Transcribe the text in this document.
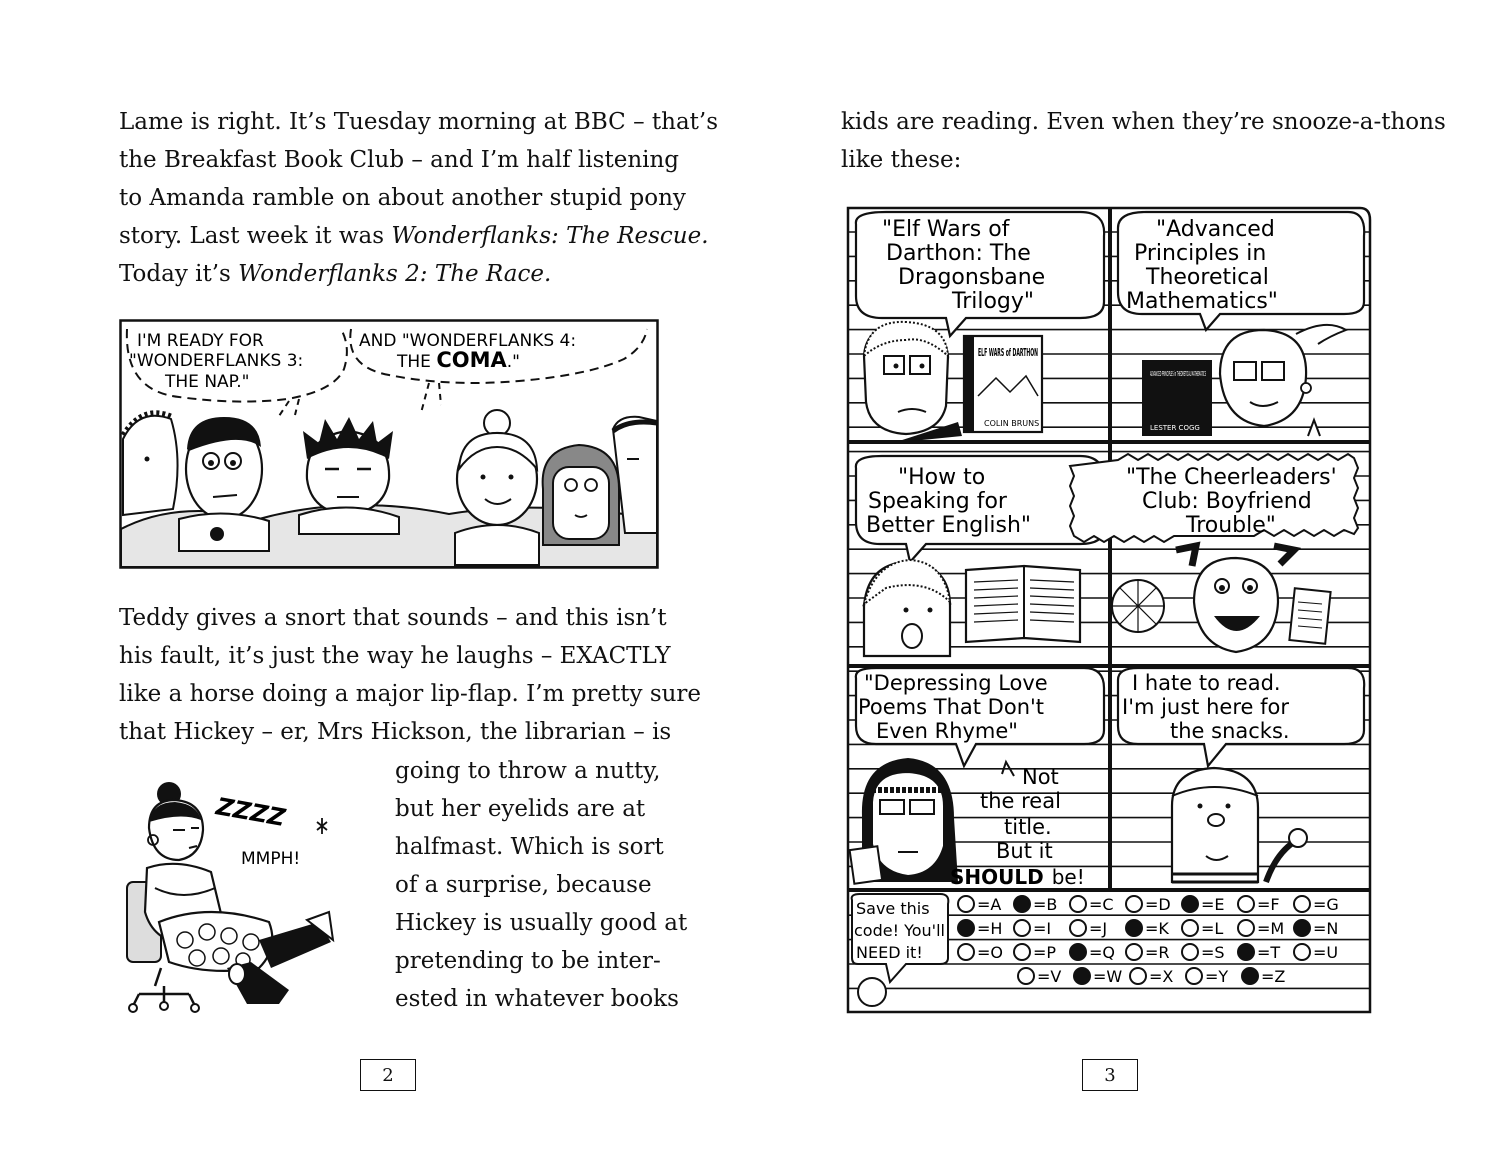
Lame is right. It’s Tuesday morning at BBC – that’s
the Breakfast Book Club – and I’m half listening
to Amanda ramble on about another stupid pony
story. Last week it was Wonderflanks: The Rescue.
Today it’s Wonderflanks 2: The Race.
I'M READY FOR
"WONDERFLANKS 3:
THE NAP."
AND "WONDERFLANKS 4:
THE COMA."
Teddy gives a snort that sounds – and this isn’t
his fault, it’s just the way he laughs – EXACTLY
like a horse doing a major lip-flap. I’m pretty sure
that Hickey – er, Mrs Hickson, the librarian – is
ZZZZ
MMPH!
going to throw a nutty,
but her eyelids are at
halfmast. Which is sort
of a surprise, because
Hickey is usually good at
pretending to be inter-
ested in whatever books
2
kids are reading. Even when they’re snooze-a-thons
like these:
"Elf Wars of
Darthon: The
Dragonsbane
Trilogy"
ELF WARS of DARTHON
COLIN BRUNS
"Advanced
Principles in
Theoretical
Mathematics"
ADVANCED PRINCIPLES in THEORETICAL MATHEMATICS
LESTER COGG
"How to
Speaking for
Better English"
"The Cheerleaders'
Club: Boyfriend
Trouble"
"Depressing Love
Poems That Don't
Even Rhyme"
Not
the real
title.
But it
SHOULD be!
I hate to read.
I'm just here for
the snacks.
Save this
code! You'll
NEED it!
=A =B =C =D =E =F =G
=H =I =J =K =L =M =N
=O =P =Q =R =S =T =U
=V =W =X =Y =Z
3
